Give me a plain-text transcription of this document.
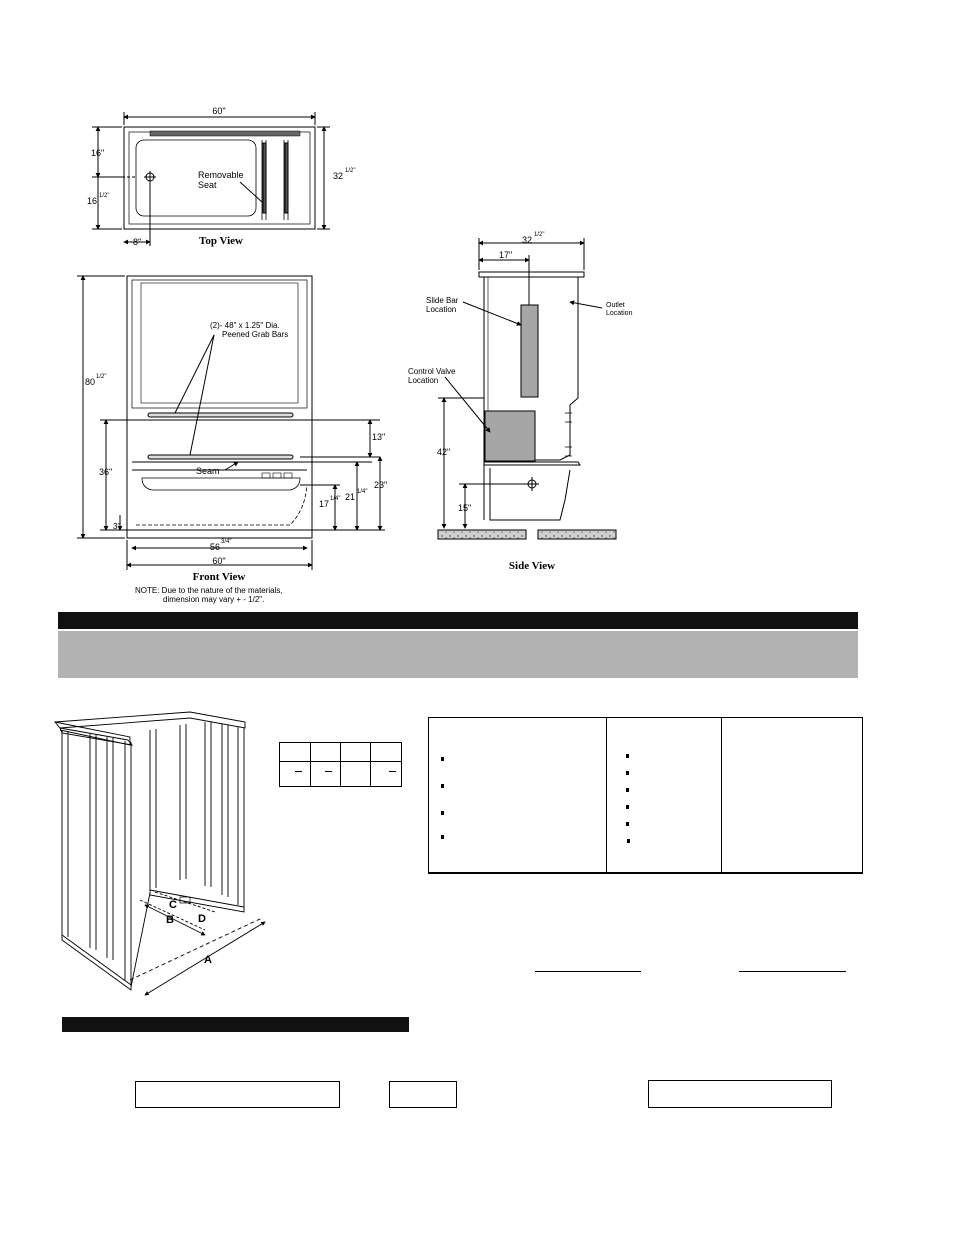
60"
32 1/2"
16"
16 1/2"
8"
Removable
Seat
Top View
80 1/2"
(2)- 48" x 1.25" Dia.
Peened Grab Bars
36"
13"
23"
Seam
17 1/4" 21 1/4"
3"
56 3/4"
60"
Front View
NOTE: Due to the nature of the materials,
dimension may vary + - 1/2".
32 1/2"
17"
Slide Bar
Location	Outlet
Location
Control Valve
Location
42"
15"
Side View
A
B
C
D
